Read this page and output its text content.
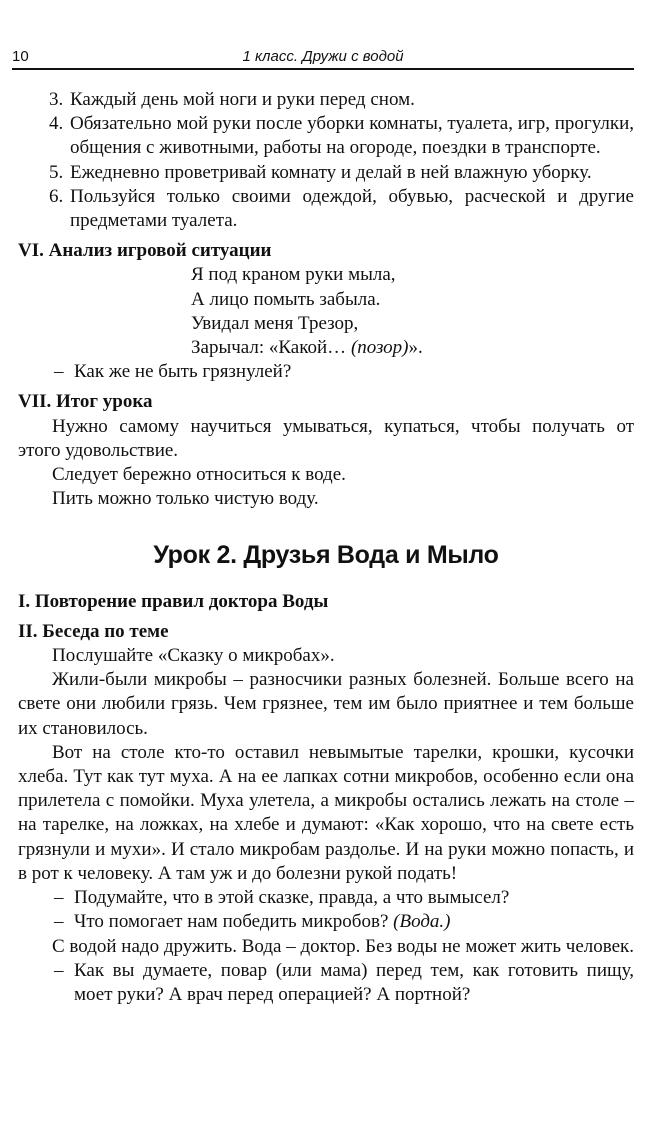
10	1 класс. Дружи с водой

3. Каждый день мой ноги и руки перед сном.

4. Обязательно мой руки после уборки комнаты, туалета, игр, прогулки, общения с животными, работы на огороде, поездки в транспорте.

5. Ежедневно проветривай комнату и делай в ней влажную уборку.

6. Пользуйся только своими одеждой, обувью, расческой и другие предметами туалета.

VI. Анализ игровой ситуации

Я под краном руки мыла,
А лицо помыть забыла.
Увидал меня Трезор,
Зарычал: «Какой… (позор)».

– Как же не быть грязнулей?

VII. Итог урока

Нужно самому научиться умываться, купаться, чтобы получать от этого удовольствие.

Следует бережно относиться к воде.

Пить можно только чистую воду.

Урок 2. Друзья Вода и Мыло

I. Повторение правил доктора Воды

II. Беседа по теме

Послушайте «Сказку о микробах».

Жили-были микробы – разносчики разных болезней. Больше всего на свете они любили грязь. Чем грязнее, тем им было приятнее и тем больше их становилось.

Вот на столе кто-то оставил невымытые тарелки, крошки, кусочки хлеба. Тут как тут муха. А на ее лапках сотни микробов, особенно если она прилетела с помойки. Муха улетела, а микробы остались лежать на столе – на тарелке, на ложках, на хлебе и думают: «Как хорошо, что на свете есть грязнули и мухи». И стало микробам раздолье. И на руки можно попасть, и в рот к человеку. А там уж и до болезни рукой подать!

– Подумайте, что в этой сказке, правда, а что вымысел?

– Что помогает нам победить микробов? (Вода.)

С водой надо дружить. Вода – доктор. Без воды не может жить человек.

– Как вы думаете, повар (или мама) перед тем, как готовить пищу, моет руки? А врач перед операцией? А портной?
